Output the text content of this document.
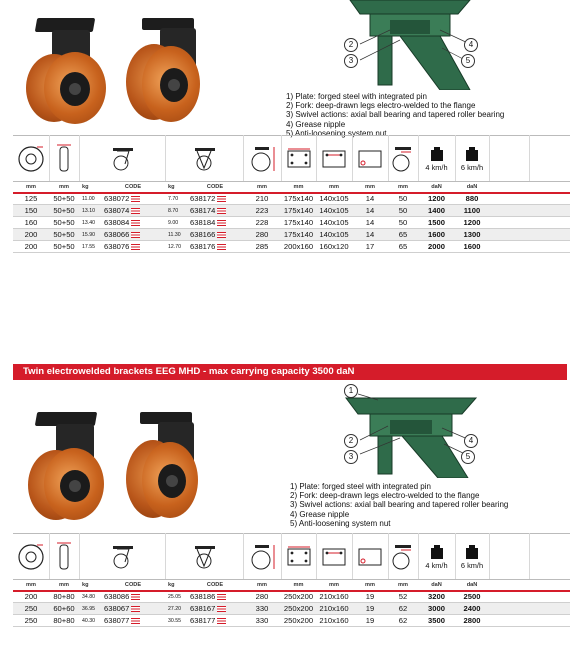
2
3
4
5
1) Plate: forged steel with integrated pin
2) Fork: deep-drawn legs electro-welded to the flange
3) Swivel actions: axial ball bearing and tapered roller bearing
4) Grease nipple
5) Anti-loosening system nut

4 km/h	6 km/h		

mm	mm	kg	CODE	kg	CODE	mm	mm	mm	mm	mm	daN	daN		
125	50+50	11.00	638072	7.70	638172	210	175x140	140x105	14	50	1200	880		
150	50+50	13.10	638074	8.70	638174	223	175x140	140x105	14	50	1400	1100		
160	50+50	13.40	638084	9.00	638184	228	175x140	140x105	14	50	1500	1200		
200	50+50	15.90	638066	11.30	638166	280	175x140	140x105	14	65	1600	1300		
200	50+50	17.55	638076	12.70	638176	285	200x160	160x120	17	65	2000	1600		
Twin electrowelded brackets EEG MHD - max carrying capacity 3500 daN
1
2
3
4
5
1) Plate: forged steel with integrated pin
2) Fork: deep-drawn legs electro-welded to the flange
3) Swivel actions: axial ball bearing and tapered roller bearing
4) Grease nipple
5) Anti-loosening system nut

4 km/h	6 km/h		

mm	mm	kg	CODE	kg	CODE	mm	mm	mm	mm	mm	daN	daN		
200	80+80	34.80	638086	25.05	638186	280	250x200	210x160	19	52	3200	2500		
250	60+60	36.95	638067	27.20	638167	330	250x200	210x160	19	62	3000	2400		
250	80+80	40.30	638077	30.55	638177	330	250x200	210x160	19	62	3500	2800		
